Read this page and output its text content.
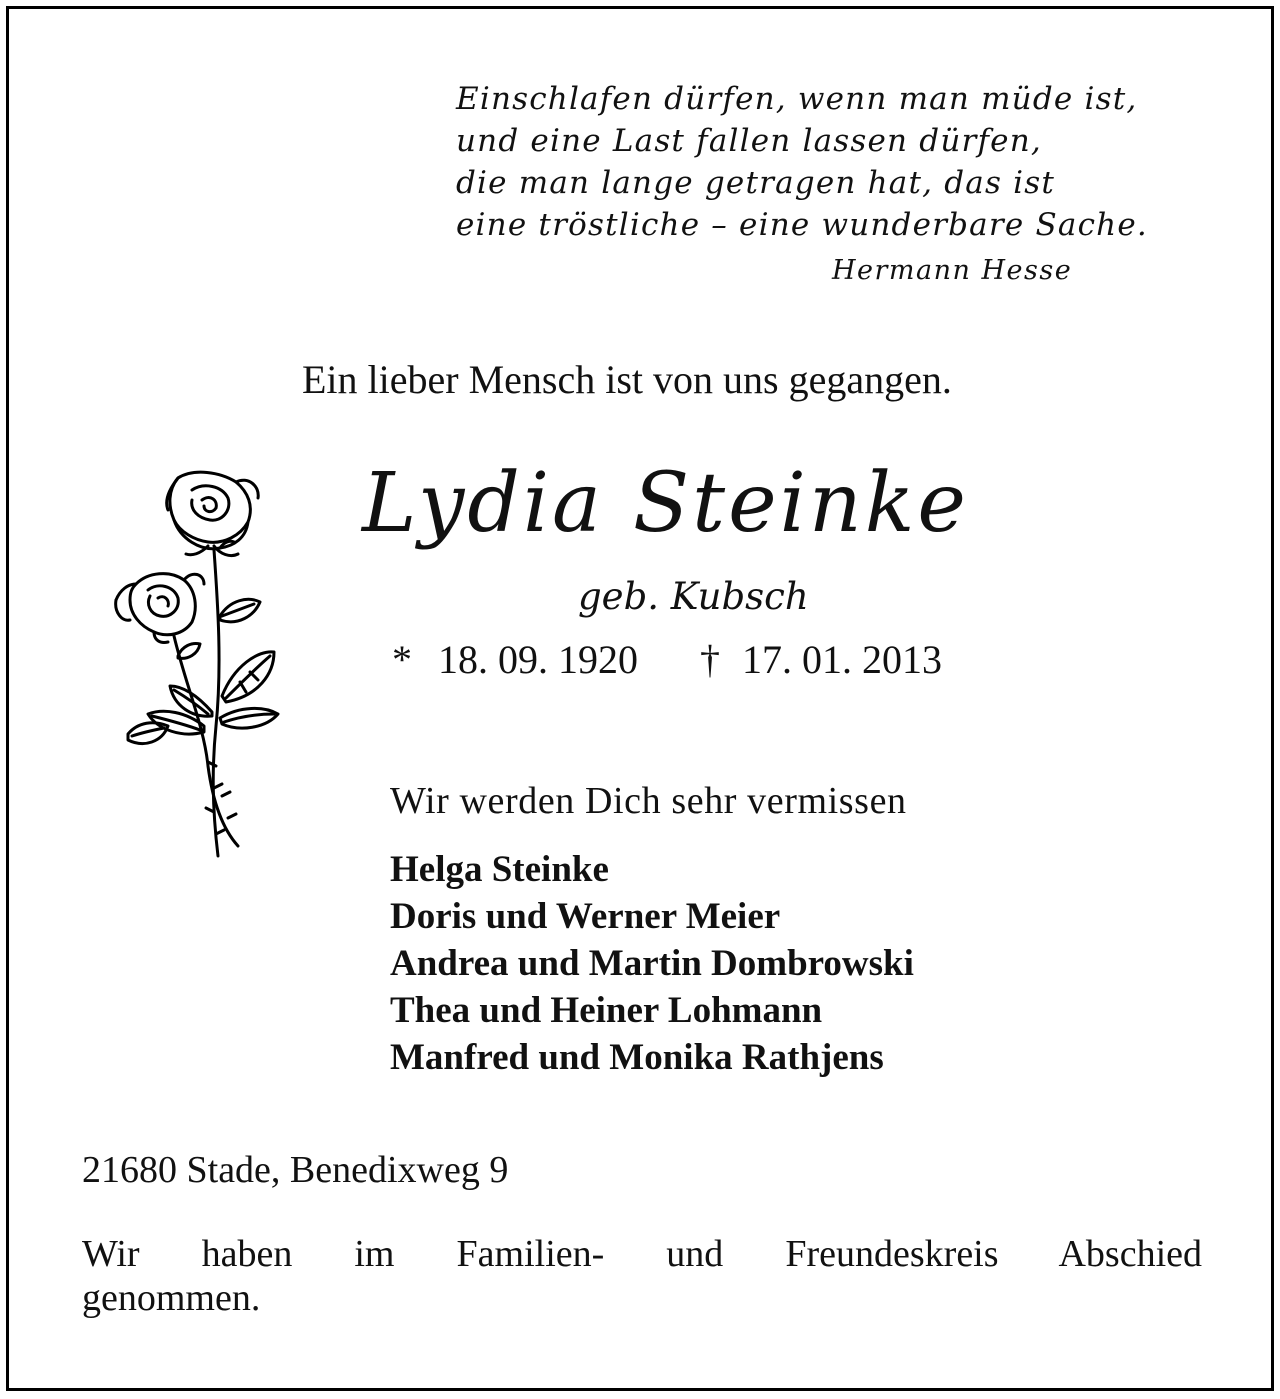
Einschlafen dürfen, wenn man müde ist,
und eine Last fallen lassen dürfen,
die man lange getragen hat, das ist
eine tröstliche – eine wunderbare Sache.
Hermann Hesse
Ein lieber Mensch ist von uns gegangen.
Lydia Steinke
geb. Kubsch
* 18. 09. 1920 † 17. 01. 2013
Wir werden Dich sehr vermissen
Helga Steinke
Doris und Werner Meier
Andrea und Martin Dombrowski
Thea und Heiner Lohmann
Manfred und Monika Rathjens
21680 Stade, Benedixweg 9
Wir haben im Familien- und Freundeskreis Abschied
genommen.
